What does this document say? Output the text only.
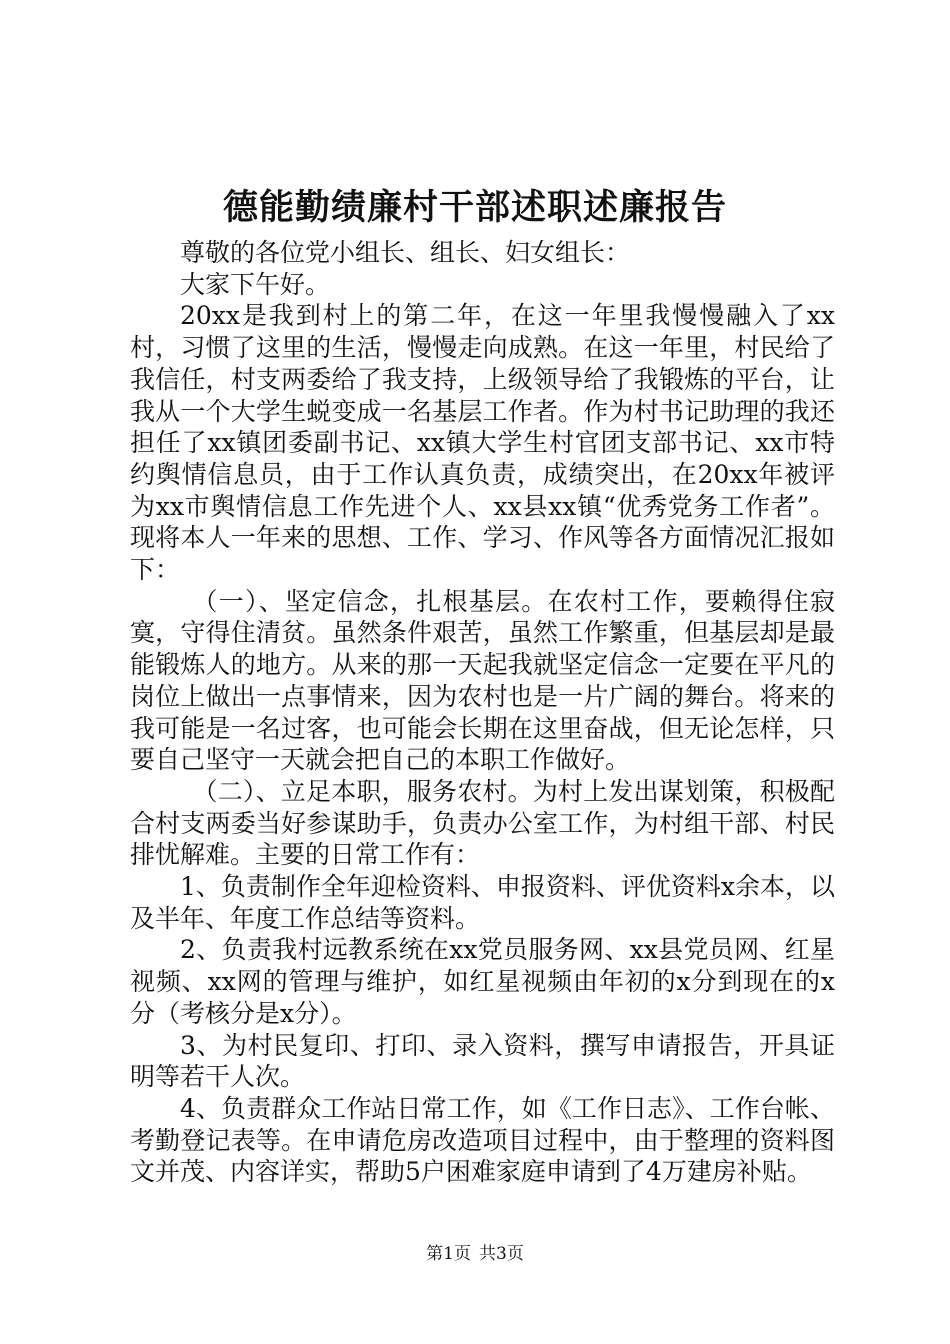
德能勤绩廉村干部述职述廉报告

尊敬的各位党小组长、组长、妇女组长：

大家下午好。

20xx是我到村上的第二年，在这一年里我慢慢融入了xx村，习惯了这里的生活，慢慢走向成熟。在这一年里，村民给了我信任，村支两委给了我支持，上级领导给了我锻炼的平台，让我从一个大学生蜕变成一名基层工作者。作为村书记助理的我还担任了xx镇团委副书记、xx镇大学生村官团支部书记、xx市特约舆情信息员，由于工作认真负责，成绩突出，在20xx年被评为xx市舆情信息工作先进个人、xx县xx镇“优秀党务工作者”。现将本人一年来的思想、工作、学习、作风等各方面情况汇报如下：

（一）、坚定信念，扎根基层。在农村工作，要赖得住寂寞，守得住清贫。虽然条件艰苦，虽然工作繁重，但基层却是最能锻炼人的地方。从来的那一天起我就坚定信念一定要在平凡的岗位上做出一点事情来，因为农村也是一片广阔的舞台。将来的我可能是一名过客，也可能会长期在这里奋战，但无论怎样，只要自己坚守一天就会把自己的本职工作做好。

（二）、立足本职，服务农村。为村上发出谋划策，积极配合村支两委当好参谋助手，负责办公室工作，为村组干部、村民排忧解难。主要的日常工作有：

1、负责制作全年迎检资料、申报资料、评优资料x余本，以及半年、年度工作总结等资料。

2、负责我村远教系统在xx党员服务网、xx县党员网、红星视频、xx网的管理与维护，如红星视频由年初的x分到现在的x分（考核分是x分）。

3、为村民复印、打印、录入资料，撰写申请报告，开具证明等若干人次。

4、负责群众工作站日常工作，如《工作日志》、工作台帐、考勤登记表等。在申请危房改造项目过程中，由于整理的资料图文并茂、内容详实，帮助5户困难家庭申请到了4万建房补贴。

第1页 共3页
